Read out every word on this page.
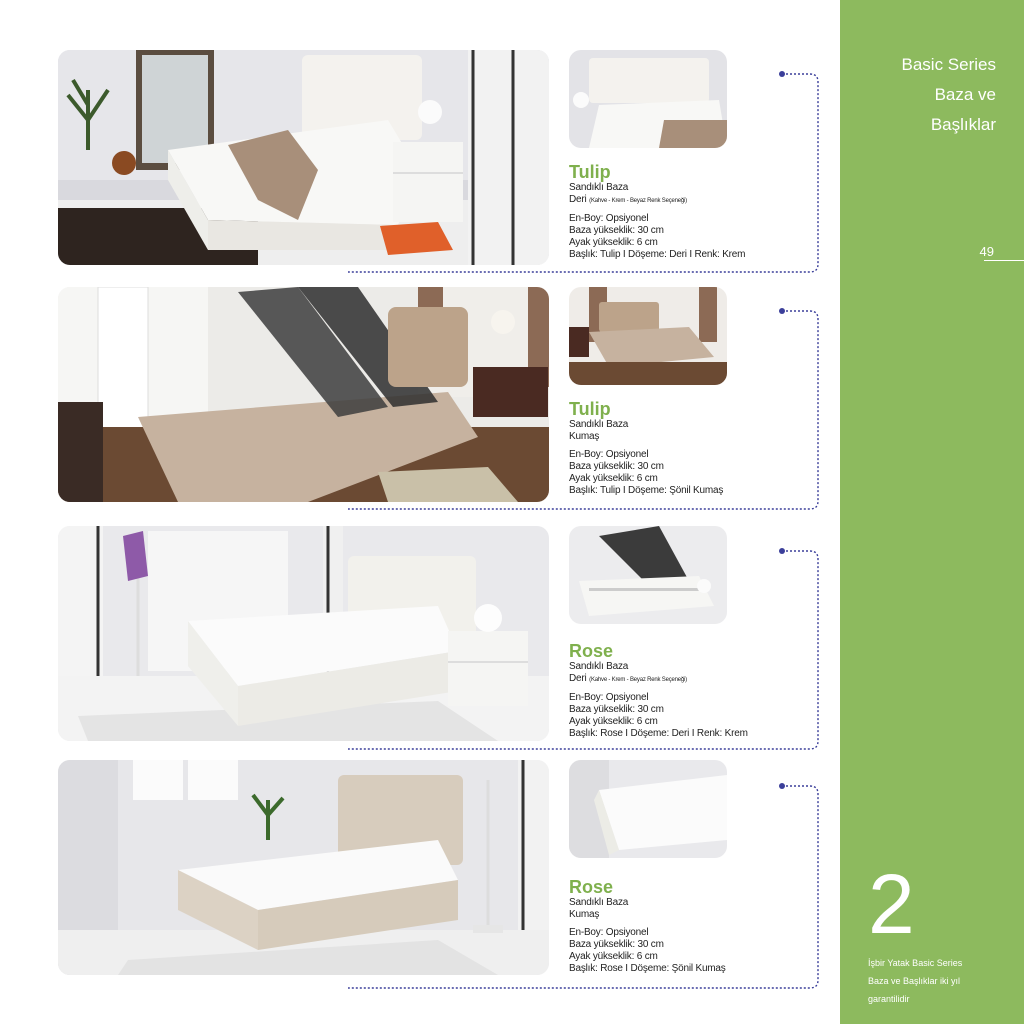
Basic Series
Baza ve
Başlıklar
49
2
İşbir Yatak Basic Series
Baza ve Başlıklar iki yıl
garantilidir
Tulip
Sandıklı Baza
Deri (Kahve - Krem - Beyaz Renk Seçeneği)
En-Boy: Opsiyonel
Baza yükseklik: 30 cm
Ayak yükseklik: 6 cm
Başlık: Tulip I Döşeme: Deri I Renk: Krem
Tulip
Sandıklı Baza
Kumaş
En-Boy: Opsiyonel
Baza yükseklik: 30 cm
Ayak yükseklik: 6 cm
Başlık: Tulip I Döşeme: Şönil Kumaş
Rose
Sandıklı Baza
Deri (Kahve - Krem - Beyaz Renk Seçeneği)
En-Boy: Opsiyonel
Baza yükseklik: 30 cm
Ayak yükseklik: 6 cm
Başlık: Rose I Döşeme: Deri I Renk: Krem
Rose
Sandıklı Baza
Kumaş
En-Boy: Opsiyonel
Baza yükseklik: 30 cm
Ayak yükseklik: 6 cm
Başlık: Rose I Döşeme: Şönil Kumaş
